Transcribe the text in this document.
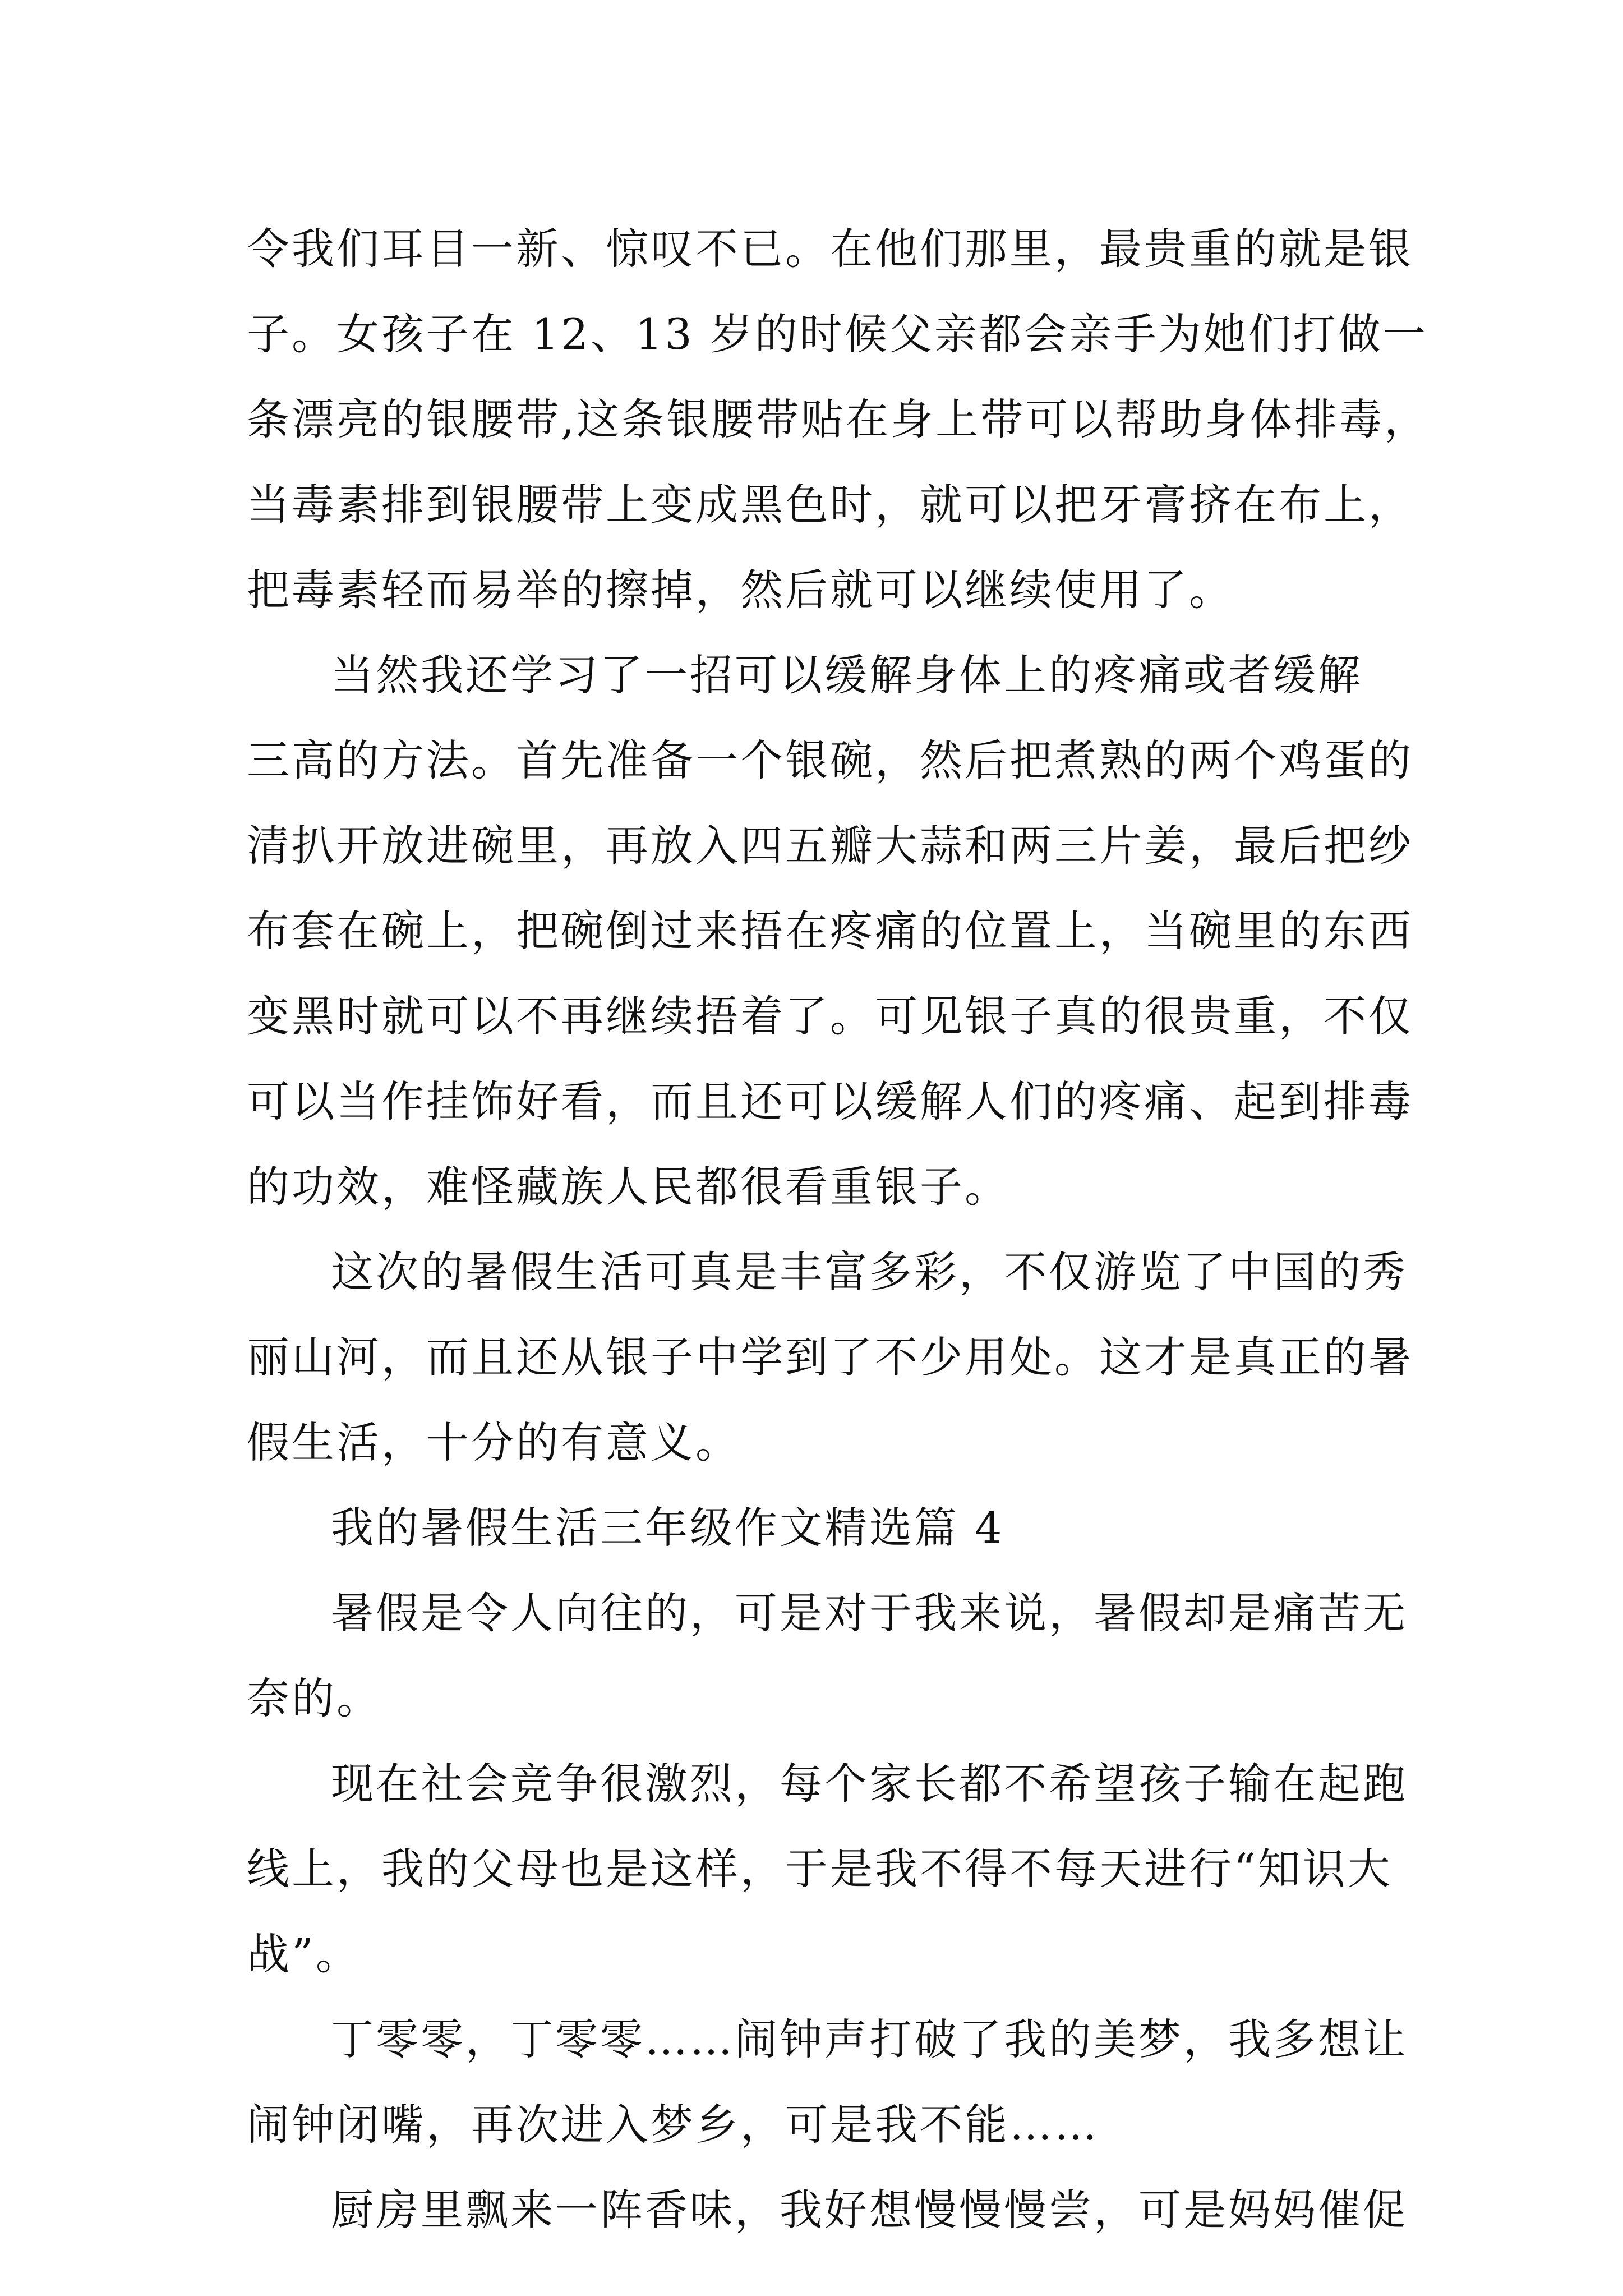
令我们耳目一新、惊叹不已。在他们那里，最贵重的就是银
子。女孩子在 12、13 岁的时候父亲都会亲手为她们打做一
条漂亮的银腰带,这条银腰带贴在身上带可以帮助身体排毒，
当毒素排到银腰带上变成黑色时，就可以把牙膏挤在布上，
把毒素轻而易举的擦掉，然后就可以继续使用了。
当然我还学习了一招可以缓解身体上的疼痛或者缓解
三高的方法。首先准备一个银碗，然后把煮熟的两个鸡蛋的
清扒开放进碗里，再放入四五瓣大蒜和两三片姜，最后把纱
布套在碗上，把碗倒过来捂在疼痛的位置上，当碗里的东西
变黑时就可以不再继续捂着了。可见银子真的很贵重，不仅
可以当作挂饰好看，而且还可以缓解人们的疼痛、起到排毒
的功效，难怪藏族人民都很看重银子。
这次的暑假生活可真是丰富多彩，不仅游览了中国的秀
丽山河，而且还从银子中学到了不少用处。这才是真正的暑
假生活，十分的有意义。
我的暑假生活三年级作文精选篇 4
暑假是令人向往的，可是对于我来说，暑假却是痛苦无
奈的。
现在社会竞争很激烈，每个家长都不希望孩子输在起跑
线上，我的父母也是这样，于是我不得不每天进行“知识大
战”。
丁零零，丁零零……闹钟声打破了我的美梦，我多想让
闹钟闭嘴，再次进入梦乡，可是我不能……
厨房里飘来一阵香味，我好想慢慢慢尝，可是妈妈催促
